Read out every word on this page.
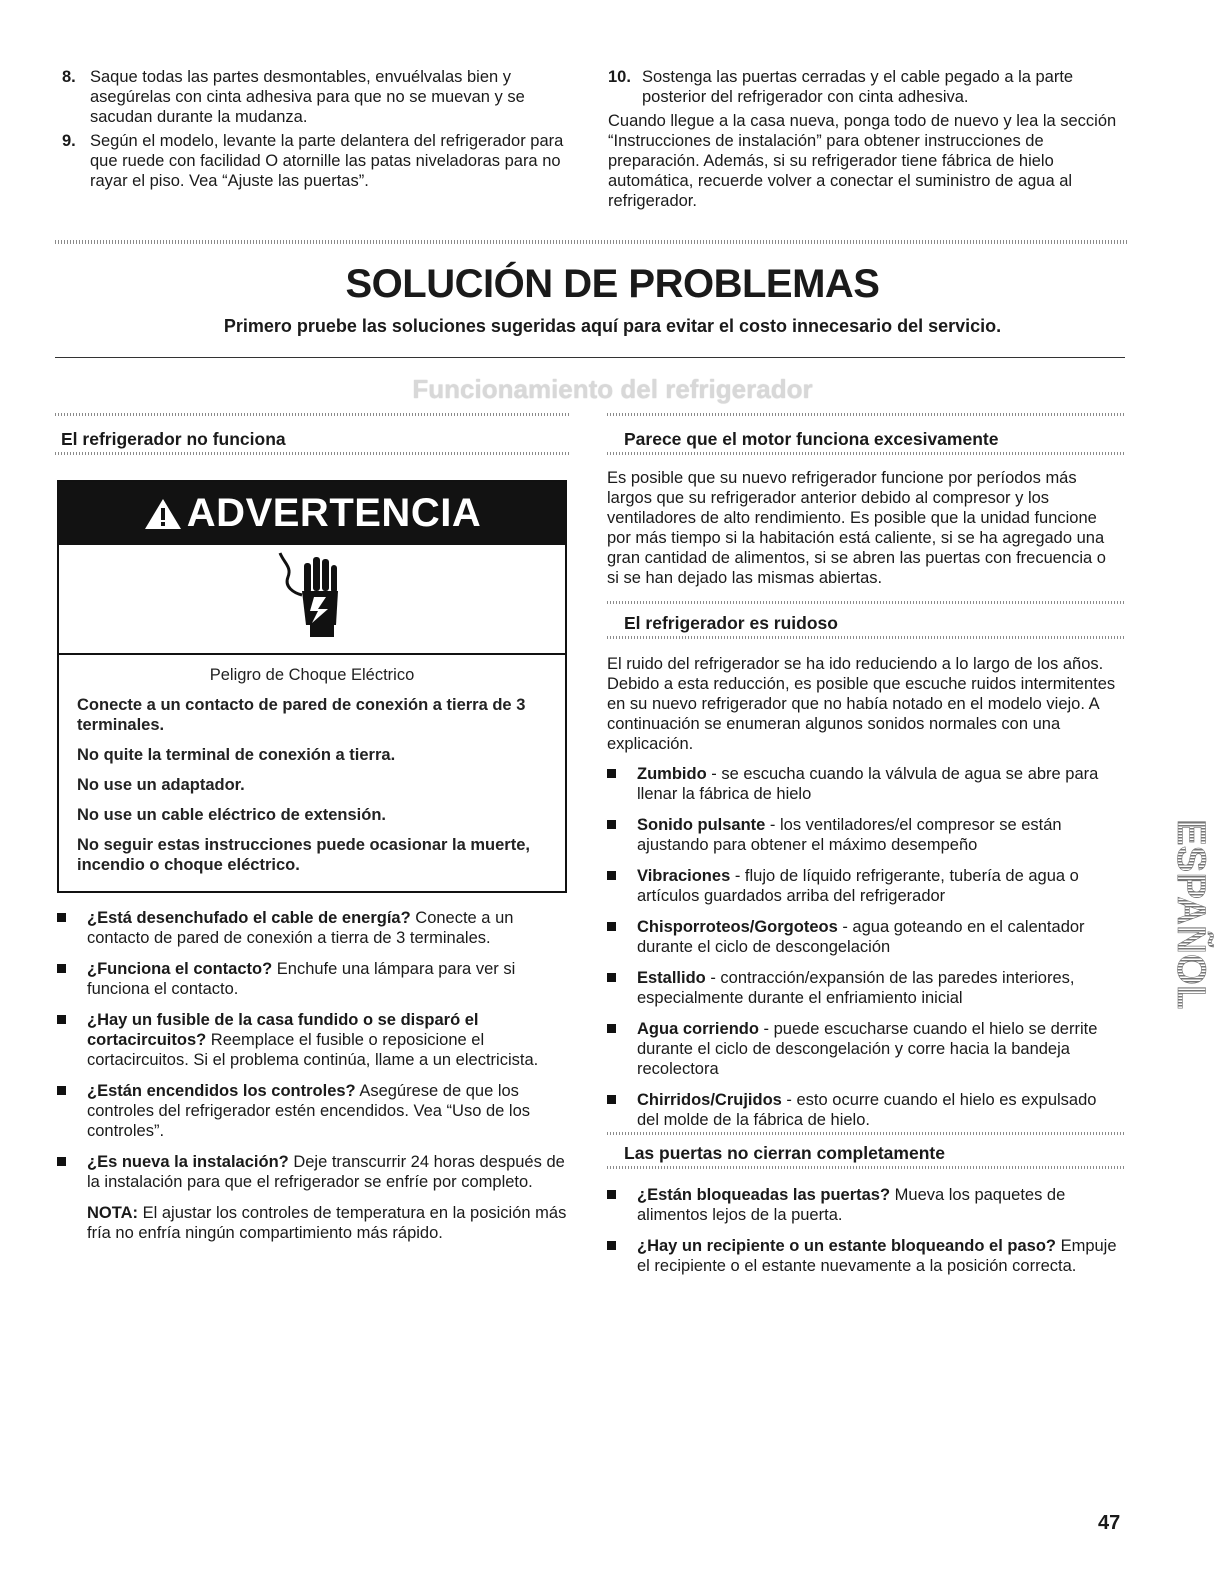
8. Saque todas las partes desmontables, envuélvalas bien y asegúrelas con cinta adhesiva para que no se muevan y se sacudan durante la mudanza.
9. Según el modelo, levante la parte delantera del refrigerador para que ruede con facilidad O atornille las patas niveladoras para no rayar el piso. Vea “Ajuste las puertas”.
10. Sostenga las puertas cerradas y el cable pegado a la parte posterior del refrigerador con cinta adhesiva.

Cuando llegue a la casa nueva, ponga todo de nuevo y lea la sección “Instrucciones de instalación” para obtener instrucciones de preparación. Además, si su refrigerador tiene fábrica de hielo automática, recuerde volver a conectar el suministro de agua al refrigerador.

SOLUCIÓN DE PROBLEMAS

Primero pruebe las soluciones sugeridas aquí para evitar el costo innecesario del servicio.

Funcionamiento del refrigerador
El refrigerador no funciona
ADVERTENCIA

Peligro de Choque Eléctrico

Conecte a un contacto de pared de conexión a tierra de 3 terminales.

No quite la terminal de conexión a tierra.

No use un adaptador.

No use un cable eléctrico de extensión.

No seguir estas instrucciones puede ocasionar la muerte, incendio o choque eléctrico.

¿Está desenchufado el cable de energía? Conecte a un contacto de pared de conexión a tierra de 3 terminales.
¿Funciona el contacto? Enchufe una lámpara para ver si funciona el contacto.
¿Hay un fusible de la casa fundido o se disparó el cortacircuitos? Reemplace el fusible o reposicione el cortacircuitos. Si el problema continúa, llame a un electricista.
¿Están encendidos los controles? Asegúrese de que los controles del refrigerador estén encendidos. Vea “Uso de los controles”.
¿Es nueva la instalación? Deje transcurrir 24 horas después de la instalación para que el refrigerador se enfríe por completo.

NOTA: El ajustar los controles de temperatura en la posición más fría no enfría ningún compartimiento más rápido.

Parece que el motor funciona excesivamente

Es posible que su nuevo refrigerador funcione por períodos más largos que su refrigerador anterior debido al compresor y los ventiladores de alto rendimiento. Es posible que la unidad funcione por más tiempo si la habitación está caliente, si se ha agregado una gran cantidad de alimentos, si se abren las puertas con frecuencia o si se han dejado las mismas abiertas.

El refrigerador es ruidoso

El ruido del refrigerador se ha ido reduciendo a lo largo de los años. Debido a esta reducción, es posible que escuche ruidos intermitentes en su nuevo refrigerador que no había notado en el modelo viejo. A continuación se enumeran algunos sonidos normales con una explicación.

Zumbido - se escucha cuando la válvula de agua se abre para llenar la fábrica de hielo
Sonido pulsante - los ventiladores/el compresor se están ajustando para obtener el máximo desempeño
Vibraciones - flujo de líquido refrigerante, tubería de agua o artículos guardados arriba del refrigerador
Chisporroteos/Gorgoteos - agua goteando en el calentador durante el ciclo de descongelación
Estallido - contracción/expansión de las paredes interiores, especialmente durante el enfriamiento inicial
Agua corriendo - puede escucharse cuando el hielo se derrite durante el ciclo de descongelación y corre hacia la bandeja recolectora
Chirridos/Crujidos - esto ocurre cuando el hielo es expulsado del molde de la fábrica de hielo.
Las puertas no cierran completamente
¿Están bloqueadas las puertas? Mueva los paquetes de alimentos lejos de la puerta.
¿Hay un recipiente o un estante bloqueando el paso? Empuje el recipiente o el estante nuevamente a la posición correcta.
ESPAÑOL

47
